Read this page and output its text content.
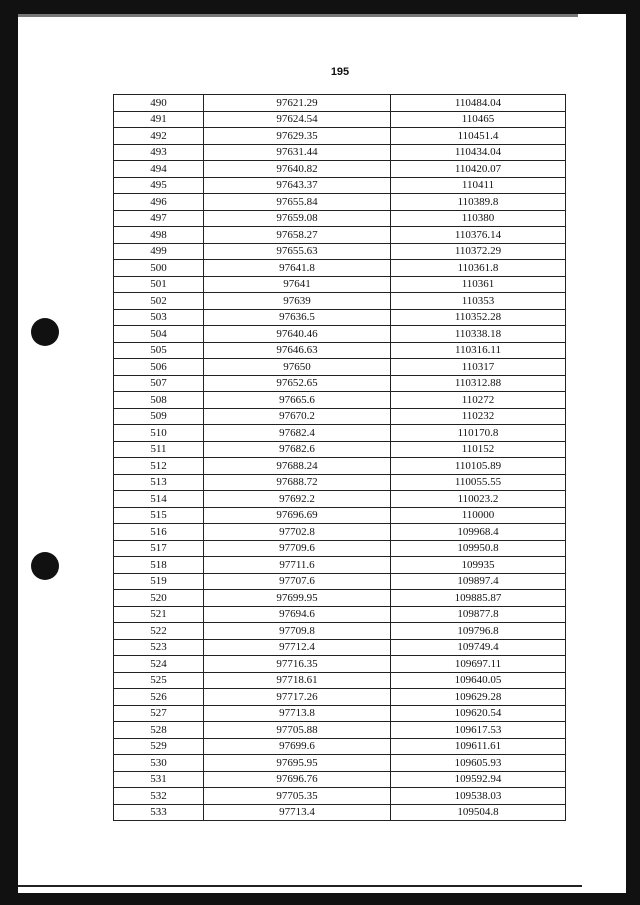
195
490	97621.29	110484.04
491	97624.54	110465
492	97629.35	110451.4
493	97631.44	110434.04
494	97640.82	110420.07
495	97643.37	110411
496	97655.84	110389.8
497	97659.08	110380
498	97658.27	110376.14
499	97655.63	110372.29
500	97641.8	110361.8
501	97641	110361
502	97639	110353
503	97636.5	110352.28
504	97640.46	110338.18
505	97646.63	110316.11
506	97650	110317
507	97652.65	110312.88
508	97665.6	110272
509	97670.2	110232
510	97682.4	110170.8
511	97682.6	110152
512	97688.24	110105.89
513	97688.72	110055.55
514	97692.2	110023.2
515	97696.69	110000
516	97702.8	109968.4
517	97709.6	109950.8
518	97711.6	109935
519	97707.6	109897.4
520	97699.95	109885.87
521	97694.6	109877.8
522	97709.8	109796.8
523	97712.4	109749.4
524	97716.35	109697.11
525	97718.61	109640.05
526	97717.26	109629.28
527	97713.8	109620.54
528	97705.88	109617.53
529	97699.6	109611.61
530	97695.95	109605.93
531	97696.76	109592.94
532	97705.35	109538.03
533	97713.4	109504.8
